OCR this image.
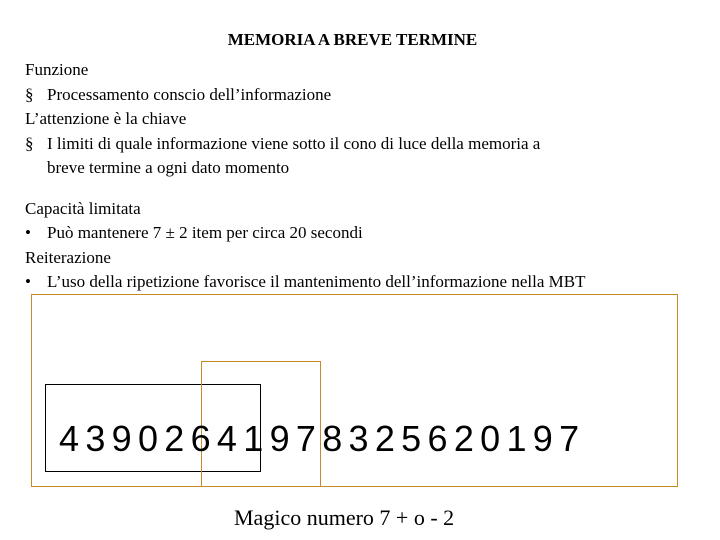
MEMORIA A BREVE TERMINE
Funzione
§ Processamento conscio dell’informazione
L’attenzione è la chiave
§ I limiti di quale informazione viene sotto il cono di luce della memoria a
breve termine a ogni dato momento
Capacità limitata
• Può mantenere 7 ± 2 item per circa 20 secondi
Reiterazione
• L’uso della ripetizione favorisce il mantenimento dell’informazione nella MBT
43902641978325620197
Magico numero 7 + o - 2
